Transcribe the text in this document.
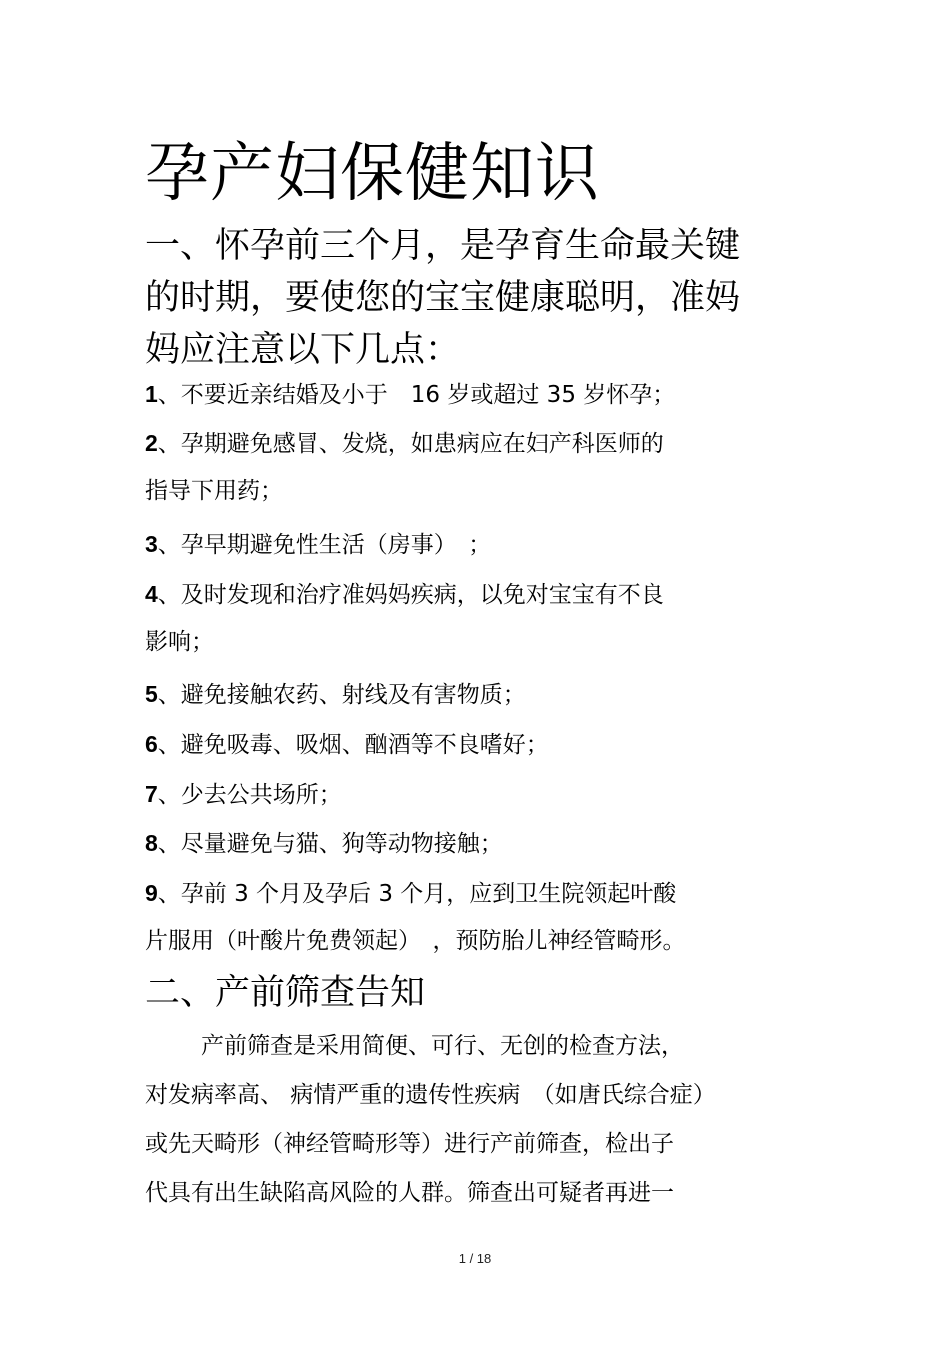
孕产妇保健知识
一、怀孕前三个月，是孕育生命最关键
的时期，要使您的宝宝健康聪明，准妈
妈应注意以下几点：

1、不要近亲结婚及小于　16 岁或超过 35 岁怀孕；

2、孕期避免感冒、发烧，如患病应在妇产科医师的
指导下用药；

3、孕早期避免性生活（房事）　；

4、及时发现和治疗准妈妈疾病，以免对宝宝有不良
影响；

5、避免接触农药、射线及有害物质；

6、避免吸毒、吸烟、酗酒等不良嗜好；

7、少去公共场所；

8、尽量避免与猫、狗等动物接触；

9、孕前 3 个月及孕后 3 个月，应到卫生院领起叶酸
片服用（叶酸片免费领起）　，预防胎儿神经管畸形。

二、产前筛查告知

产前筛查是采用简便、可行、无创的检查方法，
对发病率高、 病情严重的遗传性疾病　（如唐氏综合症）
或先天畸形（神经管畸形等）进行产前筛查，检出子
代具有出生缺陷高风险的人群。筛查出可疑者再进一

1 / 18
